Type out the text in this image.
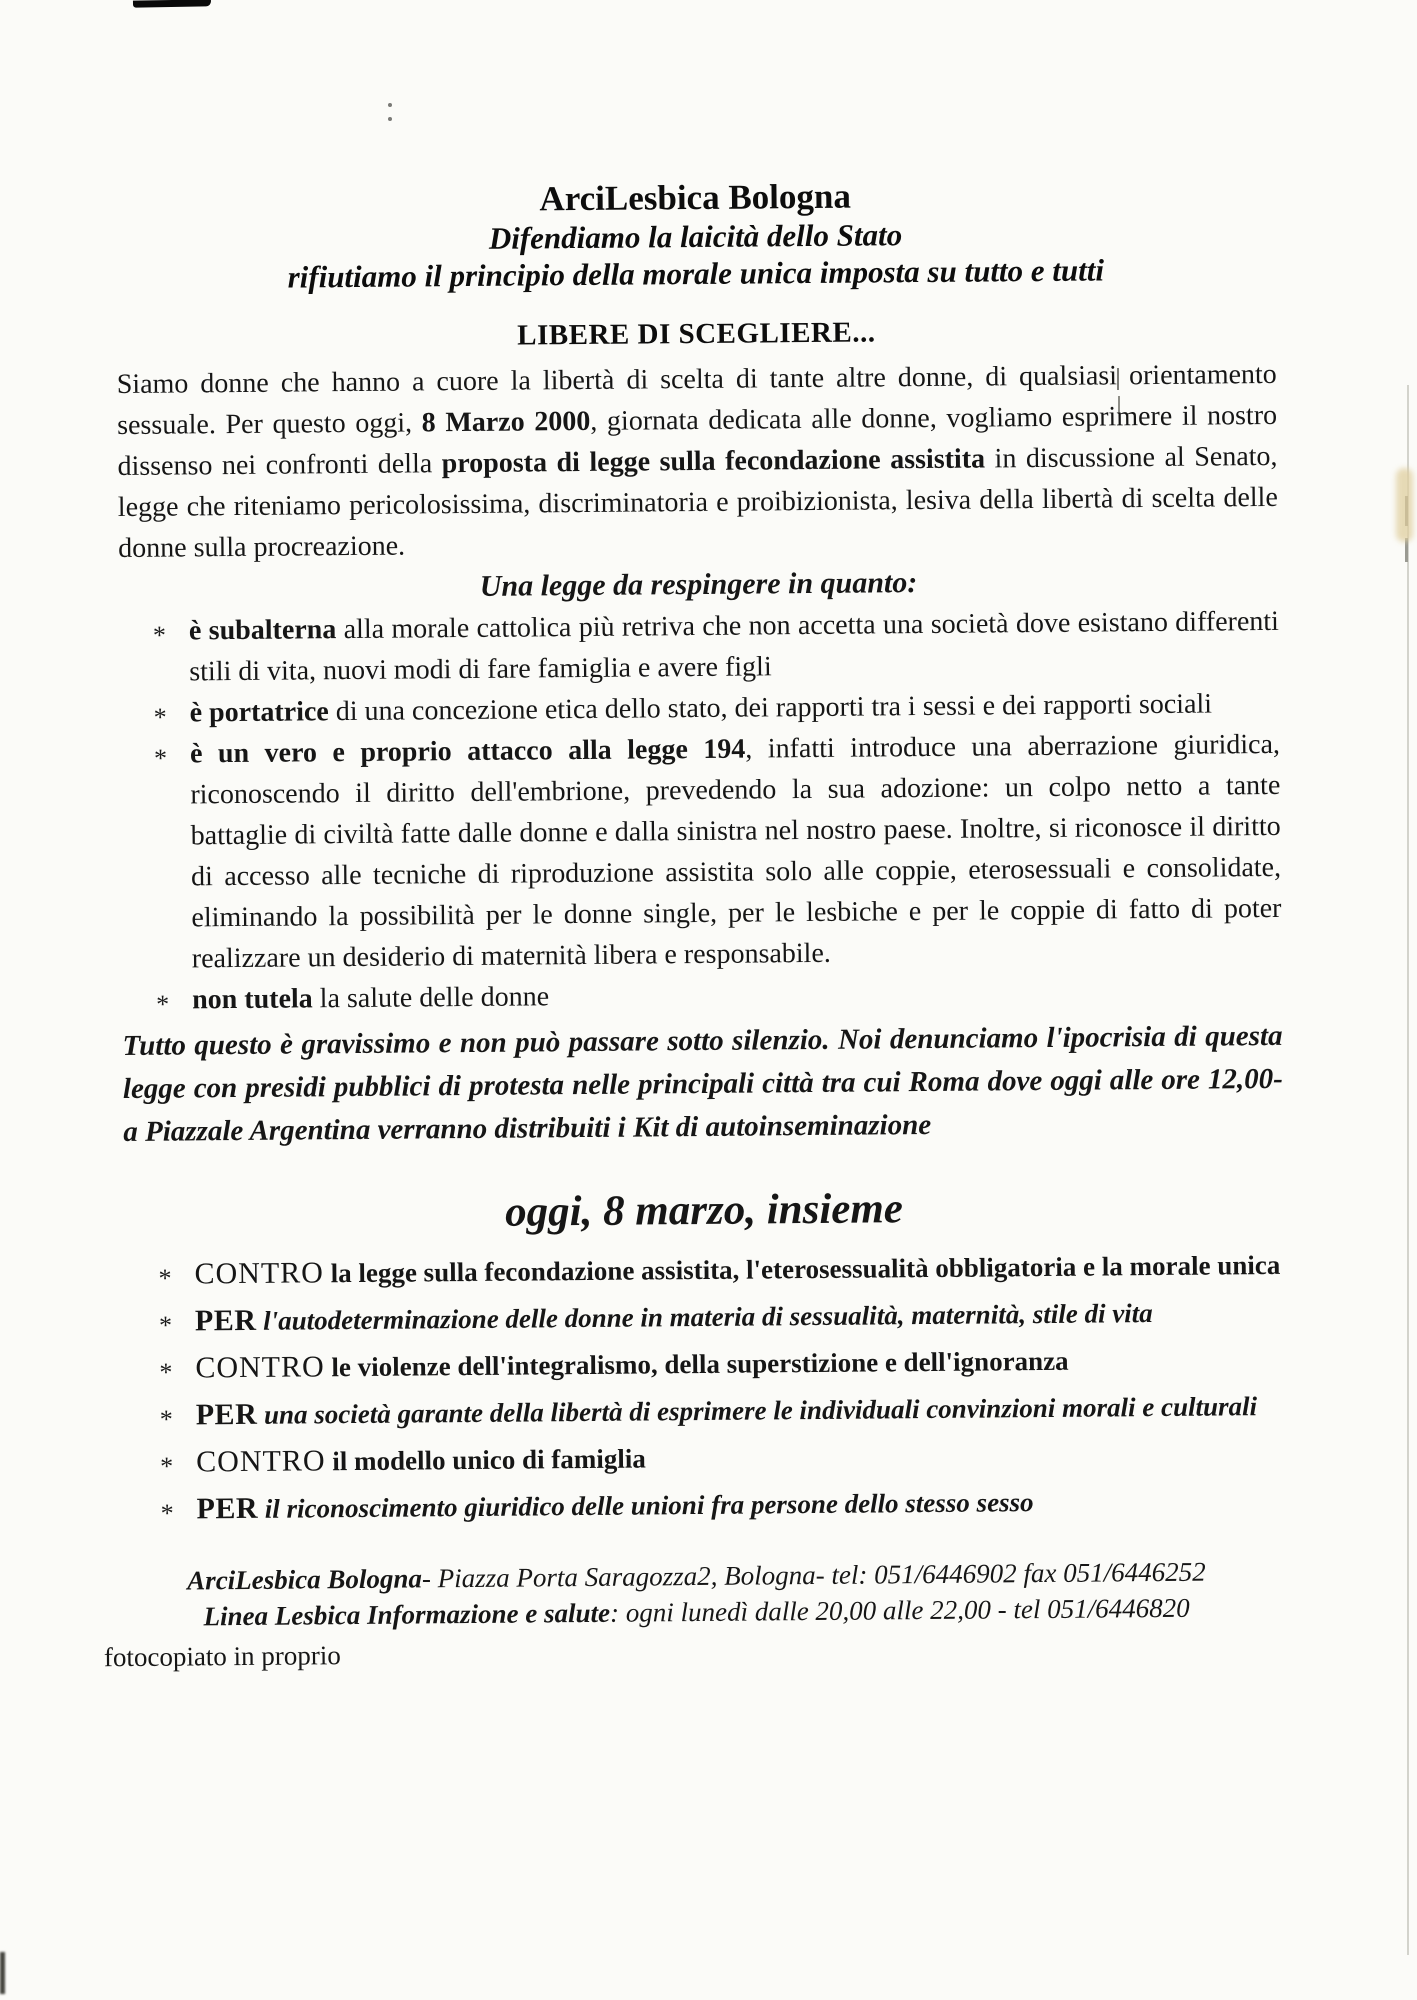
ArciLesbica Bologna
Difendiamo la laicità dello Stato
rifiutiamo il principio della morale unica imposta su tutto e tutti
LIBERE DI SCEGLIERE...
Siamo donne che hanno a cuore la libertà di scelta di tante altre donne, di qualsiasi orientamento sessuale. Per questo oggi, 8 Marzo 2000, giornata dedicata alle donne, vogliamo esprimere il nostro dissenso nei confronti della proposta di legge sulla fecondazione assistita in discussione al Senato, legge che riteniamo pericolosissima, discriminatoria e proibizionista, lesiva della libertà di scelta delle donne sulla procreazione.
Una legge da respingere in quanto:
* è subalterna alla morale cattolica più retriva che non accetta una società dove esistano differenti stili di vita, nuovi modi di fare famiglia e avere figli
* è portatrice di una concezione etica dello stato, dei rapporti tra i sessi e dei rapporti sociali
* è un vero e proprio attacco alla legge 194, infatti introduce una aberrazione giuridica, riconoscendo il diritto dell'embrione, prevedendo la sua adozione: un colpo netto a tante battaglie di civiltà fatte dalle donne e dalla sinistra nel nostro paese. Inoltre, si riconosce il diritto di accesso alle tecniche di riproduzione assistita solo alle coppie, eterosessuali e consolidate, eliminando la possibilità per le donne single, per le lesbiche e per le coppie di fatto di poter realizzare un desiderio di maternità libera e responsabile.
* non tutela la salute delle donne
Tutto questo è gravissimo e non può passare sotto silenzio. Noi denunciamo l'ipocrisia di questa legge con presidi pubblici di protesta nelle principali città tra cui Roma dove oggi alle ore 12,00- a Piazzale Argentina verranno distribuiti i Kit di autoinseminazione
oggi, 8 marzo, insieme
* CONTRO la legge sulla fecondazione assistita, l'eterosessualità obbligatoria e la morale unica
* PER l'autodeterminazione delle donne in materia di sessualità, maternità, stile di vita
* CONTRO le violenze dell'integralismo, della superstizione e dell'ignoranza
* PER una società garante della libertà di esprimere le individuali convinzioni morali e culturali
* CONTRO il modello unico di famiglia
* PER il riconoscimento giuridico delle unioni fra persone dello stesso sesso
ArciLesbica Bologna- Piazza Porta Saragozza2, Bologna- tel: 051/6446902 fax 051/6446252
Linea Lesbica Informazione e salute: ogni lunedì dalle 20,00 alle 22,00 - tel 051/6446820
fotocopiato in proprio
